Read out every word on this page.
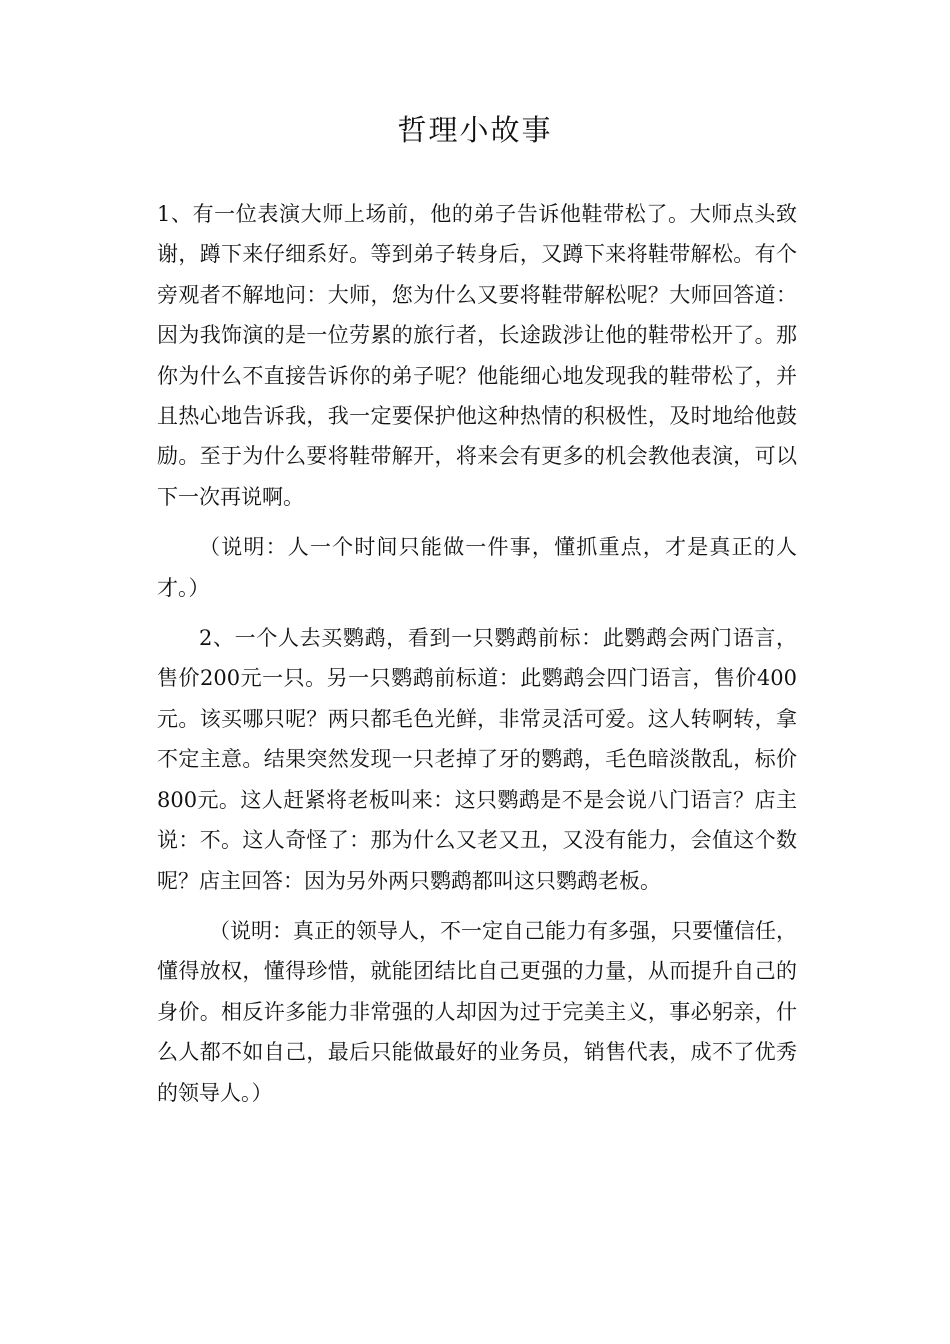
哲理小故事

1、有一位表演大师上场前，他的弟子告诉他鞋带松了。大师点头致谢，蹲下来仔细系好。等到弟子转身后，又蹲下来将鞋带解松。有个旁观者不解地问：大师，您为什么又要将鞋带解松呢？大师回答道：因为我饰演的是一位劳累的旅行者，长途跋涉让他的鞋带松开了。那你为什么不直接告诉你的弟子呢？他能细心地发现我的鞋带松了，并且热心地告诉我，我一定要保护他这种热情的积极性，及时地给他鼓励。至于为什么要将鞋带解开，将来会有更多的机会教他表演，可以下一次再说啊。

（说明：人一个时间只能做一件事，懂抓重点，才是真正的人才。）

2、一个人去买鹦鹉，看到一只鹦鹉前标：此鹦鹉会两门语言，售价200元一只。另一只鹦鹉前标道：此鹦鹉会四门语言，售价400元。该买哪只呢？两只都毛色光鲜，非常灵活可爱。这人转啊转，拿不定主意。结果突然发现一只老掉了牙的鹦鹉，毛色暗淡散乱，标价800元。这人赶紧将老板叫来：这只鹦鹉是不是会说八门语言？店主说：不。这人奇怪了：那为什么又老又丑，又没有能力，会值这个数呢？店主回答：因为另外两只鹦鹉都叫这只鹦鹉老板。

（说明：真正的领导人，不一定自己能力有多强，只要懂信任，懂得放权，懂得珍惜，就能团结比自己更强的力量，从而提升自己的身价。相反许多能力非常强的人却因为过于完美主义，事必躬亲，什么人都不如自己，最后只能做最好的业务员，销售代表，成不了优秀的领导人。）
